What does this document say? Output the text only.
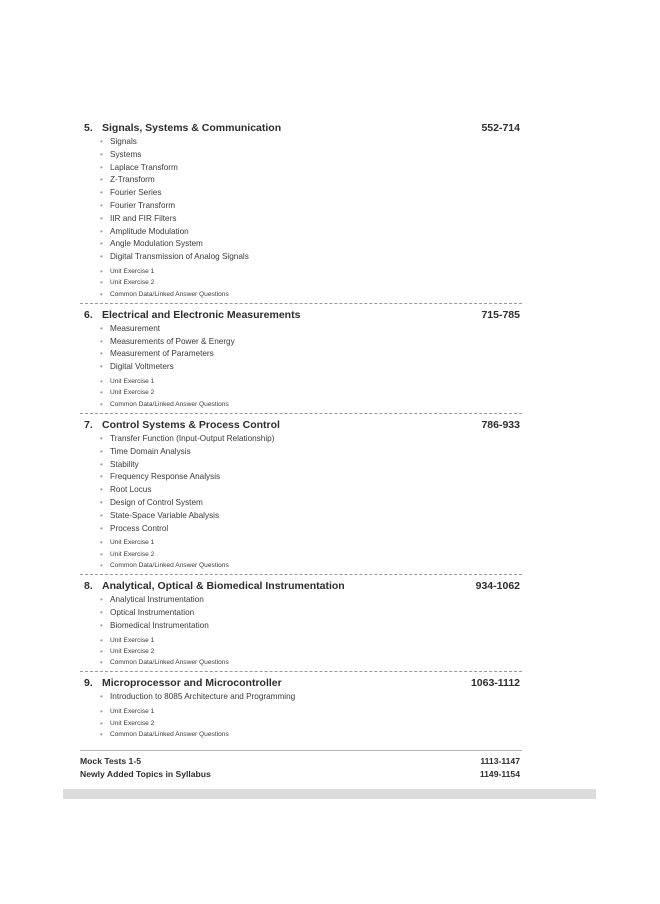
5. Signals, Systems & Communication	552-714
• Signals
• Systems
• Laplace Transform
• Z-Transform
• Fourier Series
• Fourier Transform
• IIR and FIR Filters
• Amplitude Modulation
• Angle Modulation System
• Digital Transmission of Analog Signals
• Unit Exercise 1
• Unit Exercise 2
• Common Data/Linked Answer Questions
6. Electrical and Electronic Measurements	715-785
• Measurement
• Measurements of Power & Energy
• Measurement of Parameters
• Digital Voltmeters
• Unit Exercise 1
• Unit Exercise 2
• Common Data/Linked Answer Questions
7. Control Systems & Process Control	786-933
• Transfer Function (Input-Output Relationship)
• Time Domain Analysis
• Stability
• Frequency Response Analysis
• Root Locus
• Design of Control System
• State-Space Variable Abalysis
• Process Control
• Unit Exercise 1
• Unit Exercise 2
• Common Data/Linked Answer Questions
8. Analytical, Optical & Biomedical Instrumentation	934-1062
• Analytical Instrumentation
• Optical Instrumentation
• Biomedical Instrumentation
• Unit Exercise 1
• Unit Exercise 2
• Common Data/Linked Answer Questions
9. Microprocessor and Microcontroller	1063-1112
• Introduction to 8085 Architecture and Programming
• Unit Exercise 1
• Unit Exercise 2
• Common Data/Linked Answer Questions
Mock Tests 1-5	1113-1147
Newly Added Topics in Syllabus	1149-1154
